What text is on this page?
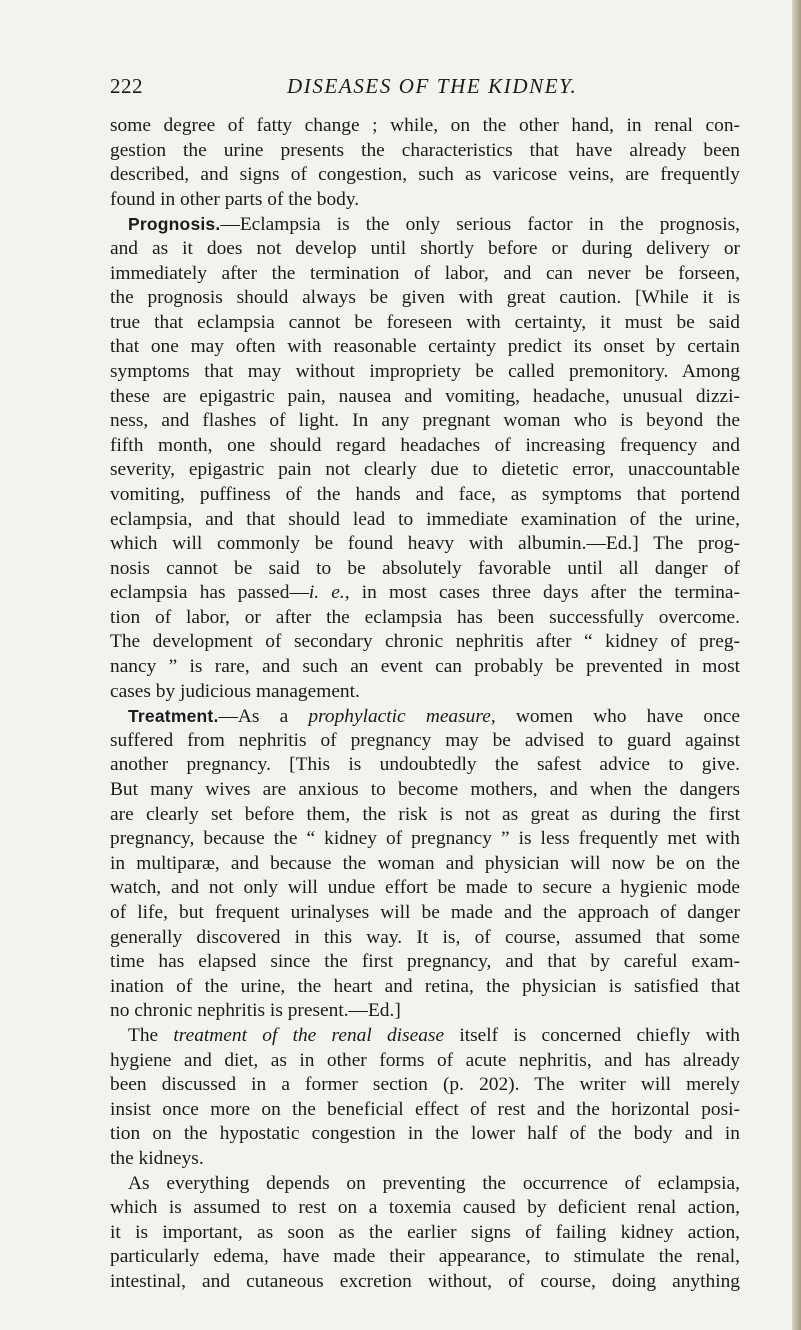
222	DISEASES OF THE KIDNEY.
some degree of fatty change ; while, on the other hand, in renal con-
gestion the urine presents the characteristics that have already been
described, and signs of congestion, such as varicose veins, are frequently
found in other parts of the body.
Prognosis.—Eclampsia is the only serious factor in the prognosis,
and as it does not develop until shortly before or during delivery or
immediately after the termination of labor, and can never be forseen,
the prognosis should always be given with great caution. [While it is
true that eclampsia cannot be foreseen with certainty, it must be said
that one may often with reasonable certainty predict its onset by certain
symptoms that may without impropriety be called premonitory. Among
these are epigastric pain, nausea and vomiting, headache, unusual dizzi-
ness, and flashes of light. In any pregnant woman who is beyond the
fifth month, one should regard headaches of increasing frequency and
severity, epigastric pain not clearly due to dietetic error, unaccountable
vomiting, puffiness of the hands and face, as symptoms that portend
eclampsia, and that should lead to immediate examination of the urine,
which will commonly be found heavy with albumin.—Ed.] The prog-
nosis cannot be said to be absolutely favorable until all danger of
eclampsia has passed—i. e., in most cases three days after the termina-
tion of labor, or after the eclampsia has been successfully overcome.
The development of secondary chronic nephritis after “ kidney of preg-
nancy ” is rare, and such an event can probably be prevented in most
cases by judicious management.
Treatment.—As a prophylactic measure, women who have once
suffered from nephritis of pregnancy may be advised to guard against
another pregnancy. [This is undoubtedly the safest advice to give.
But many wives are anxious to become mothers, and when the dangers
are clearly set before them, the risk is not as great as during the first
pregnancy, because the “ kidney of pregnancy ” is less frequently met with
in multiparæ, and because the woman and physician will now be on the
watch, and not only will undue effort be made to secure a hygienic mode
of life, but frequent urinalyses will be made and the approach of danger
generally discovered in this way. It is, of course, assumed that some
time has elapsed since the first pregnancy, and that by careful exam-
ination of the urine, the heart and retina, the physician is satisfied that
no chronic nephritis is present.—Ed.]
The treatment of the renal disease itself is concerned chiefly with
hygiene and diet, as in other forms of acute nephritis, and has already
been discussed in a former section (p. 202). The writer will merely
insist once more on the beneficial effect of rest and the horizontal posi-
tion on the hypostatic congestion in the lower half of the body and in
the kidneys.
As everything depends on preventing the occurrence of eclampsia,
which is assumed to rest on a toxemia caused by deficient renal action,
it is important, as soon as the earlier signs of failing kidney action,
particularly edema, have made their appearance, to stimulate the renal,
intestinal, and cutaneous excretion without, of course, doing anything
